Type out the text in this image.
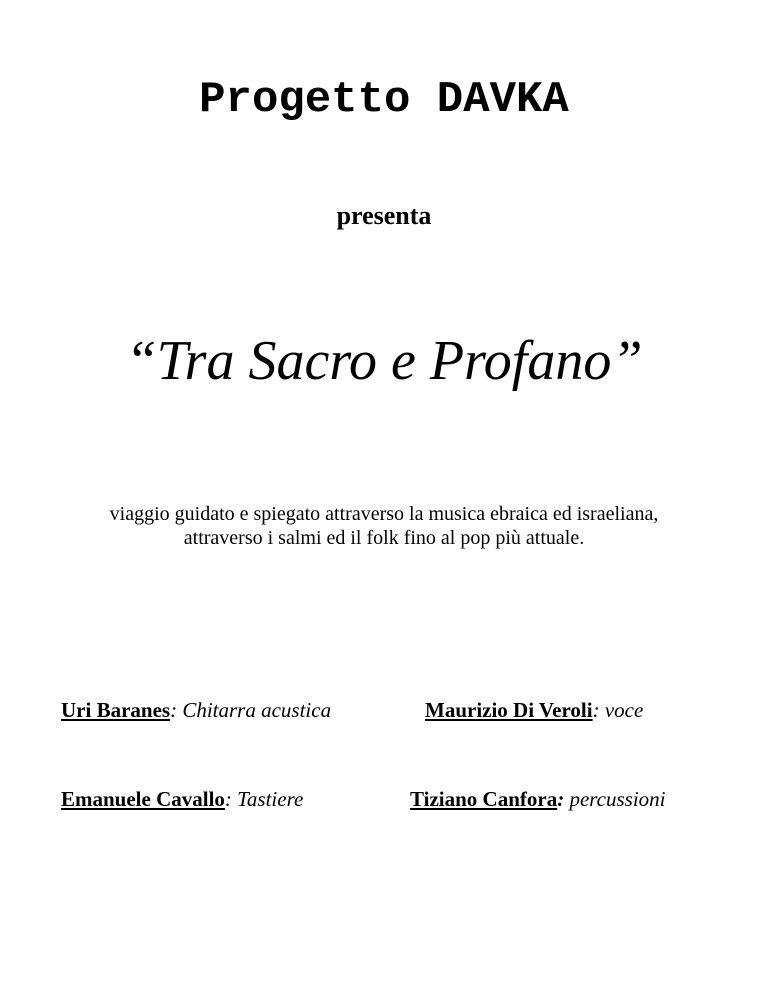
Progetto DAVKA
presenta
“Tra Sacro e Profano”
viaggio guidato e spiegato attraverso la musica ebraica ed israeliana,
attraverso i salmi ed il folk fino al pop più attuale.
Uri Baranes: Chitarra acustica	Maurizio Di Veroli: voce
Emanuele Cavallo: Tastiere	Tiziano Canfora: percussioni
